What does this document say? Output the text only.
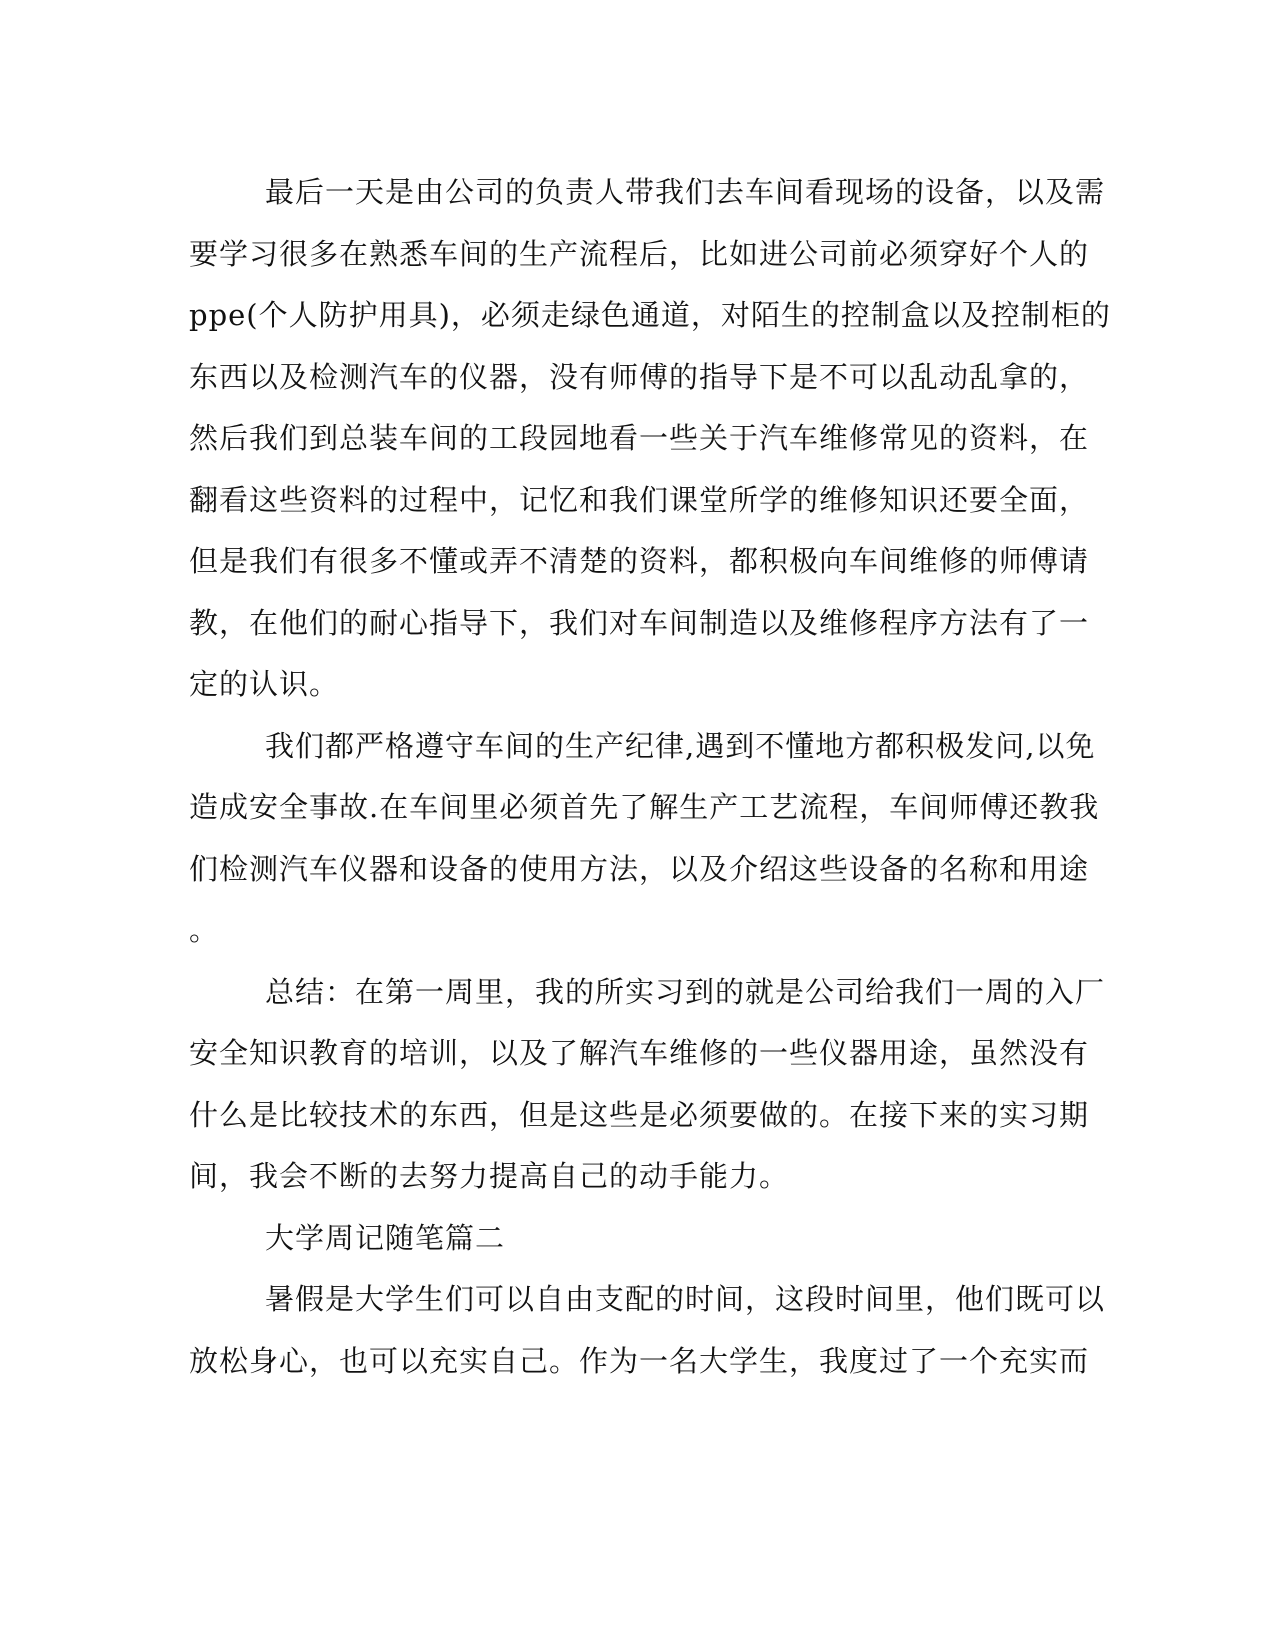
最后一天是由公司的负责人带我们去车间看现场的设备，以及需
要学习很多在熟悉车间的生产流程后，比如进公司前必须穿好个人的
ppe(个人防护用具)，必须走绿色通道，对陌生的控制盒以及控制柜的
东西以及检测汽车的仪器，没有师傅的指导下是不可以乱动乱拿的，
然后我们到总装车间的工段园地看一些关于汽车维修常见的资料，在
翻看这些资料的过程中，记忆和我们课堂所学的维修知识还要全面，
但是我们有很多不懂或弄不清楚的资料，都积极向车间维修的师傅请
教，在他们的耐心指导下，我们对车间制造以及维修程序方法有了一
定的认识。
我们都严格遵守车间的生产纪律,遇到不懂地方都积极发问,以免
造成安全事故.在车间里必须首先了解生产工艺流程，车间师傅还教我
们检测汽车仪器和设备的使用方法，以及介绍这些设备的名称和用途
。
总结：在第一周里，我的所实习到的就是公司给我们一周的入厂
安全知识教育的培训，以及了解汽车维修的一些仪器用途，虽然没有
什么是比较技术的东西，但是这些是必须要做的。在接下来的实习期
间，我会不断的去努力提高自己的动手能力。
大学周记随笔篇二
暑假是大学生们可以自由支配的时间，这段时间里，他们既可以
放松身心，也可以充实自己。作为一名大学生，我度过了一个充实而
